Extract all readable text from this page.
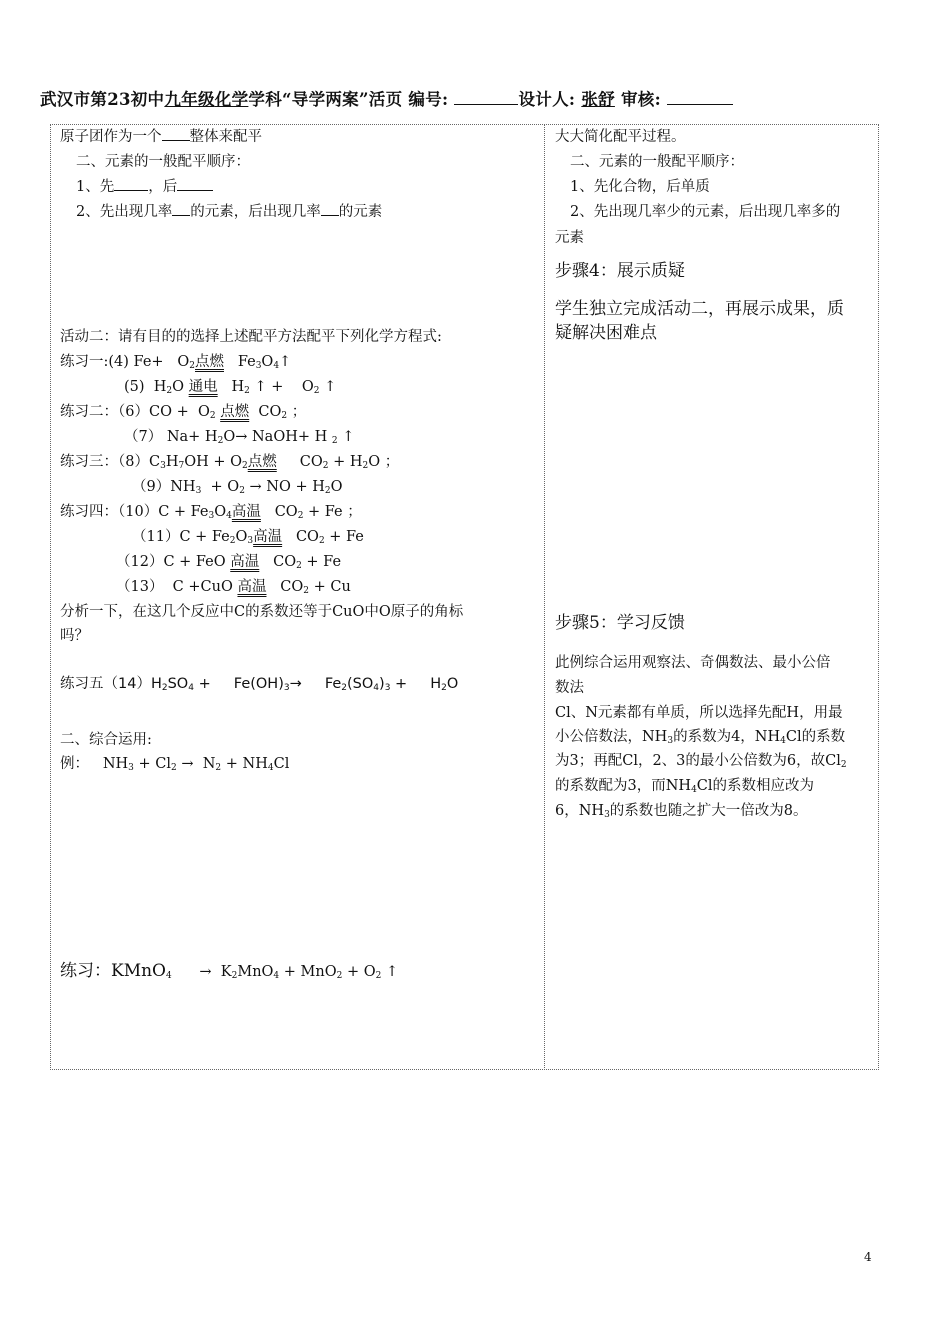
武汉市第23初中九年级化学学科“导学两案”活页 编号:	设计人: 张舒 审核:
原子团作为一个 整体来配平
二、元素的一般配平顺序：
1、先 ，后
2、先出现几率 的元素，后出现几率 的元素
活动二：请有目的的选择上述配平方法配平下列化学方程式:
练习一:(4) $Fe+ O_2$点燃 $Fe_3O_4↑$
(5) $H_2O$ 通电 $H_2$ ↑ + $O_2$ ↑
练习二：$(6)CO + O_2$ 点燃 $CO_2$ ；
（7） $Na+ H_2O\to$ NaOH+ H $_2$ ↑
练习三：$(8)C_3H_7OH + O_2$点燃 $CO_2 + H_2O$ ；
$(9)NH_3 + O_2$ → NO + $H_2O$
练习四：$(10)C + Fe_3O_4$高温 $CO_2 + Fe$ ；
$(11)C + Fe_2O_3$高温 $CO_2 + Fe$
（12）C + FeO 高温 $CO_2 + Fe$
（13） C +CuO 高温 $CO_2 + Cu$
分析一下，在这几个反应中C的系数还等于CuO中O原子的角标
吗？
练习五$(14)H_2SO_4 + Fe(OH)_3\to Fe_2(SO_4)_3 + H_2O$
二、综合运用:
例： $NH_3 + Cl_2 \to N_2 + NH_4Cl$
练习：KMnO$_4$ → $K_2MnO_4 + MnO_2 + O_2$ ↑
大大简化配平过程。
二、元素的一般配平顺序：
1、先化合物，后单质
2、先出现几率少的元素，后出现几率多的
元素
步骤4：展示质疑
学生独立完成活动二，再展示成果，质
疑解决困难点
步骤5：学习反馈
此例综合运用观察法、奇偶数法、最小公倍
数法
Cl、N元素都有单质，所以选择先配H，用最
小公倍数法，$NH_3$的系数为4，$NH_4Cl$的系数
为3；再配Cl，2、3的最小公倍数为6，故$Cl_2$
的系数配为3，而$NH_4Cl$的系数相应改为
6，$NH_3$的系数也随之扩大一倍改为8。
4
